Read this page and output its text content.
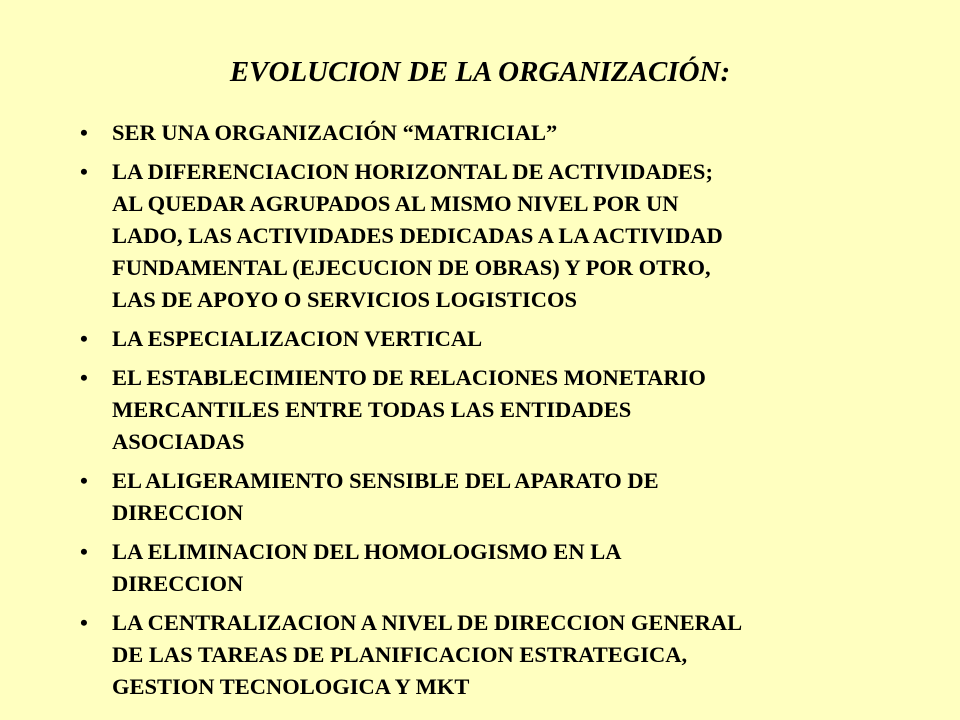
EVOLUCION DE LA ORGANIZACIÓN:
•	SER UNA ORGANIZACIÓN “MATRICIAL”
•	LA DIFERENCIACION HORIZONTAL DE ACTIVIDADES;
AL QUEDAR AGRUPADOS AL MISMO NIVEL POR UN
LADO, LAS ACTIVIDADES DEDICADAS A LA ACTIVIDAD
FUNDAMENTAL (EJECUCION DE OBRAS) Y POR OTRO,
LAS DE APOYO O SERVICIOS LOGISTICOS
•	LA ESPECIALIZACION VERTICAL
•	EL ESTABLECIMIENTO DE RELACIONES MONETARIO
MERCANTILES ENTRE TODAS LAS ENTIDADES
ASOCIADAS
•	EL ALIGERAMIENTO SENSIBLE DEL APARATO DE
DIRECCION
•	LA ELIMINACION DEL HOMOLOGISMO EN LA
DIRECCION
•	LA CENTRALIZACION A NIVEL DE DIRECCION GENERAL
DE LAS TAREAS DE PLANIFICACION ESTRATEGICA,
GESTION TECNOLOGICA Y MKT
